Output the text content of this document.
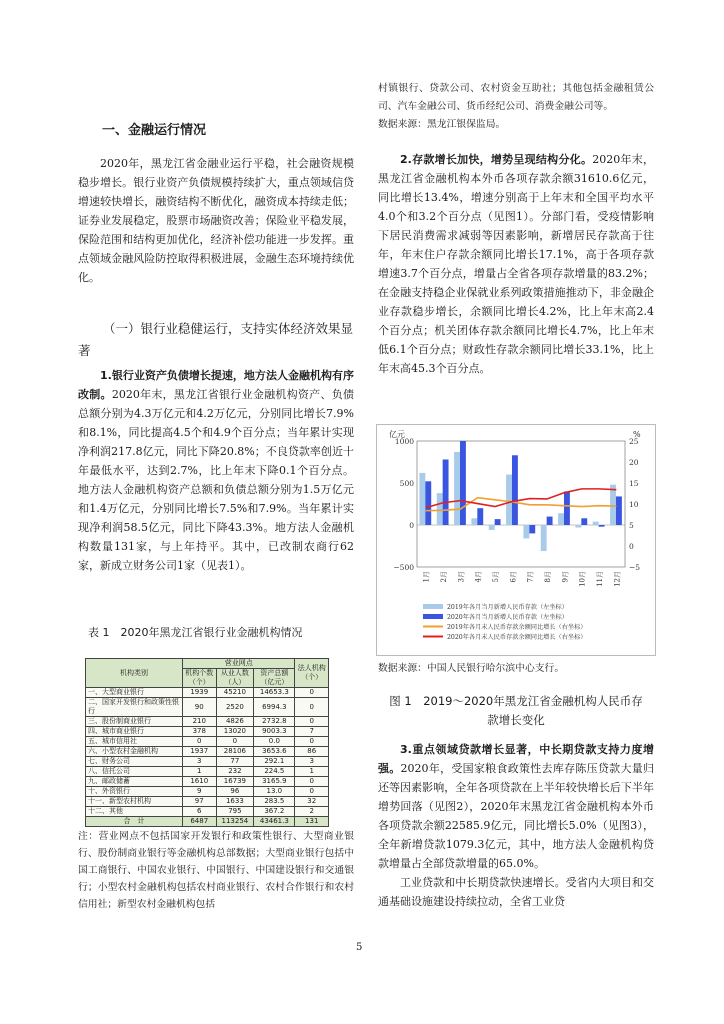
一、金融运行情况

2020年，黑龙江省金融业运行平稳，社会融资规模稳步增长。银行业资产负债规模持续扩大，重点领域信贷增速较快增长，融资结构不断优化，融资成本持续走低；证券业发展稳定，股票市场融资改善；保险业平稳发展，保险范围和结构更加优化，经济补偿功能进一步发挥。重点领域金融风险防控取得积极进展，金融生态环境持续优化。

（一）银行业稳健运行，支持实体经济效果显著

1.银行业资产负债增长提速，地方法人金融机构有序改制。2020年末，黑龙江省银行业金融机构资产、负债总额分别为4.3万亿元和4.2万亿元，分别同比增长7.9%和8.1%，同比提高4.5个和4.9个百分点；当年累计实现净利润217.8亿元，同比下降20.8%；不良贷款率创近十年最低水平，达到2.7%，比上年末下降0.1个百分点。地方法人金融机构资产总额和负债总额分别为1.5万亿元和1.4万亿元，分别同比增长7.5%和7.9%。当年累计实现净利润58.5亿元，同比下降43.3%。地方法人金融机构数量131家，与上年持平。其中，已改制农商行62家，新成立财务公司1家（见表1）。

表 1　2020年黑龙江省银行业金融机构情况
机构类别	营业网点			法人机构（个）
	机构个数（个）	从业人数（人）	资产总额（亿元）	
一、大型商业银行	1939	45210	14653.3	0
二、国家开发银行和政策性银行	90	2520	6994.3	0
三、股份制商业银行	210	4826	2732.8	0
四、城市商业银行	378	13020	9003.3	7
五、城市信用社	0	0	0.0	0
六、小型农村金融机构	1937	28106	3653.6	86
七、财务公司	3	77	292.1	3
八、信托公司	1	232	224.5	1
九、邮政储蓄	1610	16739	3165.9	0
十、外资银行	9	96	13.0	0
十一、新型农村机构	97	1633	283.5	32
十二、其他	6	795	367.2	2
合　计	6487	113254	43461.3	131

注：营业网点不包括国家开发银行和政策性银行、大型商业银行、股份制商业银行等金融机构总部数据；大型商业银行包括中国工商银行、中国农业银行、中国银行、中国建设银行和交通银行；小型农村金融机构包括农村商业银行、农村合作银行和农村信用社；新型农村金融机构包括

村镇银行、贷款公司、农村资金互助社；其他包括金融租赁公司、汽车金融公司、货币经纪公司、消费金融公司等。

数据来源：黑龙江银保监局。

2.存款增长加快，增势呈现结构分化。2020年末，黑龙江省金融机构本外币各项存款余额31610.6亿元，同比增长13.4%，增速分别高于上年末和全国平均水平4.0个和3.2个百分点（见图1）。分部门看，受疫情影响下居民消费需求减弱等因素影响，新增居民存款高于往年，年末住户存款余额同比增长17.1%，高于各项存款增速3.7个百分点，增量占全省各项存款增量的83.2%；在金融支持稳企业保就业系列政策措施推动下，非金融企业存款稳步增长，余额同比增长4.2%，比上年末高2.4个百分点；机关团体存款余额同比增长4.7%，比上年末低6.1个百分点；财政性存款余额同比增长33.1%，比上年末高45.3个百分点。

亿元	%
1000
500
0
−500
25
20
15
10
5
0
−5
1月 2月 3月 4月 5月 6月 7月 8月 9月 10月 11月 12月
2019年各月当月新增人民币存款（左坐标）
2020年各月当月新增人民币存款（左坐标）
2019年各月末人民币存款余额同比增长（右坐标）
2020年各月末人民币存款余额同比增长（右坐标）
数据来源：中国人民银行哈尔滨中心支行。
图 1　2019～2020年黑龙江省金融机构人民币存款增长变化

3.重点领域贷款增长显著，中长期贷款支持力度增强。2020年，受国家粮食政策性去库存陈压贷款大量归还等因素影响，全年各项贷款在上半年较快增长后下半年增势回落（见图2），2020年末黑龙江省金融机构本外币各项贷款余额22585.9亿元，同比增长5.0%（见图3），全年新增贷款1079.3亿元，其中，地方法人金融机构贷款增量占全部贷款增量的65.0%。

工业贷款和中长期贷款快速增长。受省内大项目和交通基础设施建设持续拉动，全省工业贷

5
